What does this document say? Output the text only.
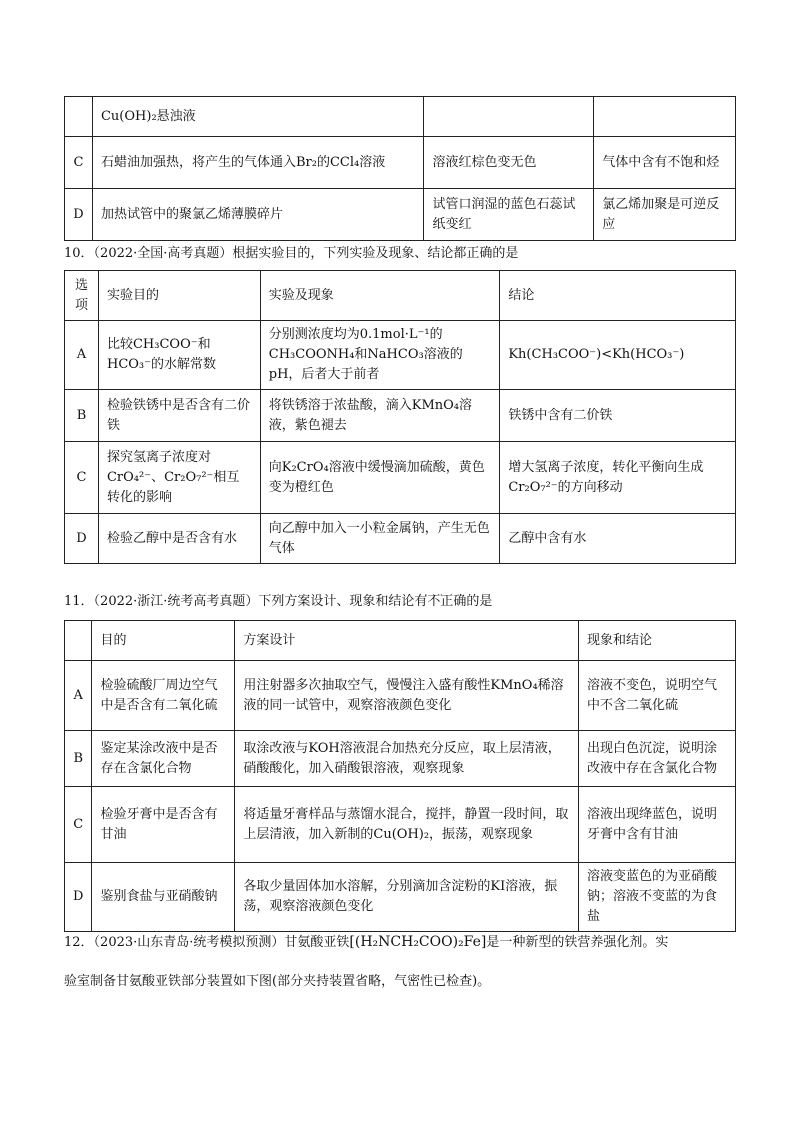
	Cu(OH)₂悬浊液		
C	石蜡油加强热，将产生的气体通入Br₂的CCl₄溶液	溶液红棕色变无色	气体中含有不饱和烃
D	加热试管中的聚氯乙烯薄膜碎片	试管口润湿的蓝色石蕊试纸变红	氯乙烯加聚是可逆反应
10．（2022·全国·高考真题）根据实验目的，下列实验及现象、结论都正确的是
选项	实验目的	实验及现象	结论
A	比较CH₃COO⁻和HCO₃⁻的水解常数	分别测浓度均为0.1mol·L⁻¹的CH₃COONH₄和NaHCO₃溶液的pH，后者大于前者	Kh(CH₃COO⁻)<Kh(HCO₃⁻)
B	检验铁锈中是否含有二价铁	将铁锈溶于浓盐酸，滴入KMnO₄溶液，紫色褪去	铁锈中含有二价铁
C	探究氢离子浓度对CrO₄²⁻、Cr₂O₇²⁻相互转化的影响	向K₂CrO₄溶液中缓慢滴加硫酸，黄色变为橙红色	增大氢离子浓度，转化平衡向生成Cr₂O₇²⁻的方向移动
D	检验乙醇中是否含有水	向乙醇中加入一小粒金属钠，产生无色气体	乙醇中含有水
11．（2022·浙江·统考高考真题）下列方案设计、现象和结论有不正确 · · ·的是
	目的	方案设计	现象和结论
A	检验硫酸厂周边空气中是否含有二氧化硫	用注射器多次抽取空气，慢慢注入盛有酸性KMnO₄稀溶液的同一试管中，观察溶液颜色变化	溶液不变色，说明空气中不含二氧化硫
B	鉴定某涂改液中是否存在含氯化合物	取涂改液与KOH溶液混合加热充分反应，取上层清液，硝酸酸化，加入硝酸银溶液，观察现象	出现白色沉淀，说明涂改液中存在含氯化合物
C	检验牙膏中是否含有甘油	将适量牙膏样品与蒸馏水混合，搅拌，静置一段时间，取上层清液，加入新制的Cu(OH)₂，振荡，观察现象	溶液出现绛蓝色，说明牙膏中含有甘油
D	鉴别食盐与亚硝酸钠	各取少量固体加水溶解，分别滴加含淀粉的KI溶液，振荡，观察溶液颜色变化	溶液变蓝色的为亚硝酸钠；溶液不变蓝的为食盐
12．（2023·山东青岛·统考模拟预测）甘氨酸亚铁[(H₂NCH₂COO)₂Fe]是一种新型的铁营养强化剂。实
验室制备甘氨酸亚铁部分装置如下图(部分夹持装置省略，气密性已检查)。
